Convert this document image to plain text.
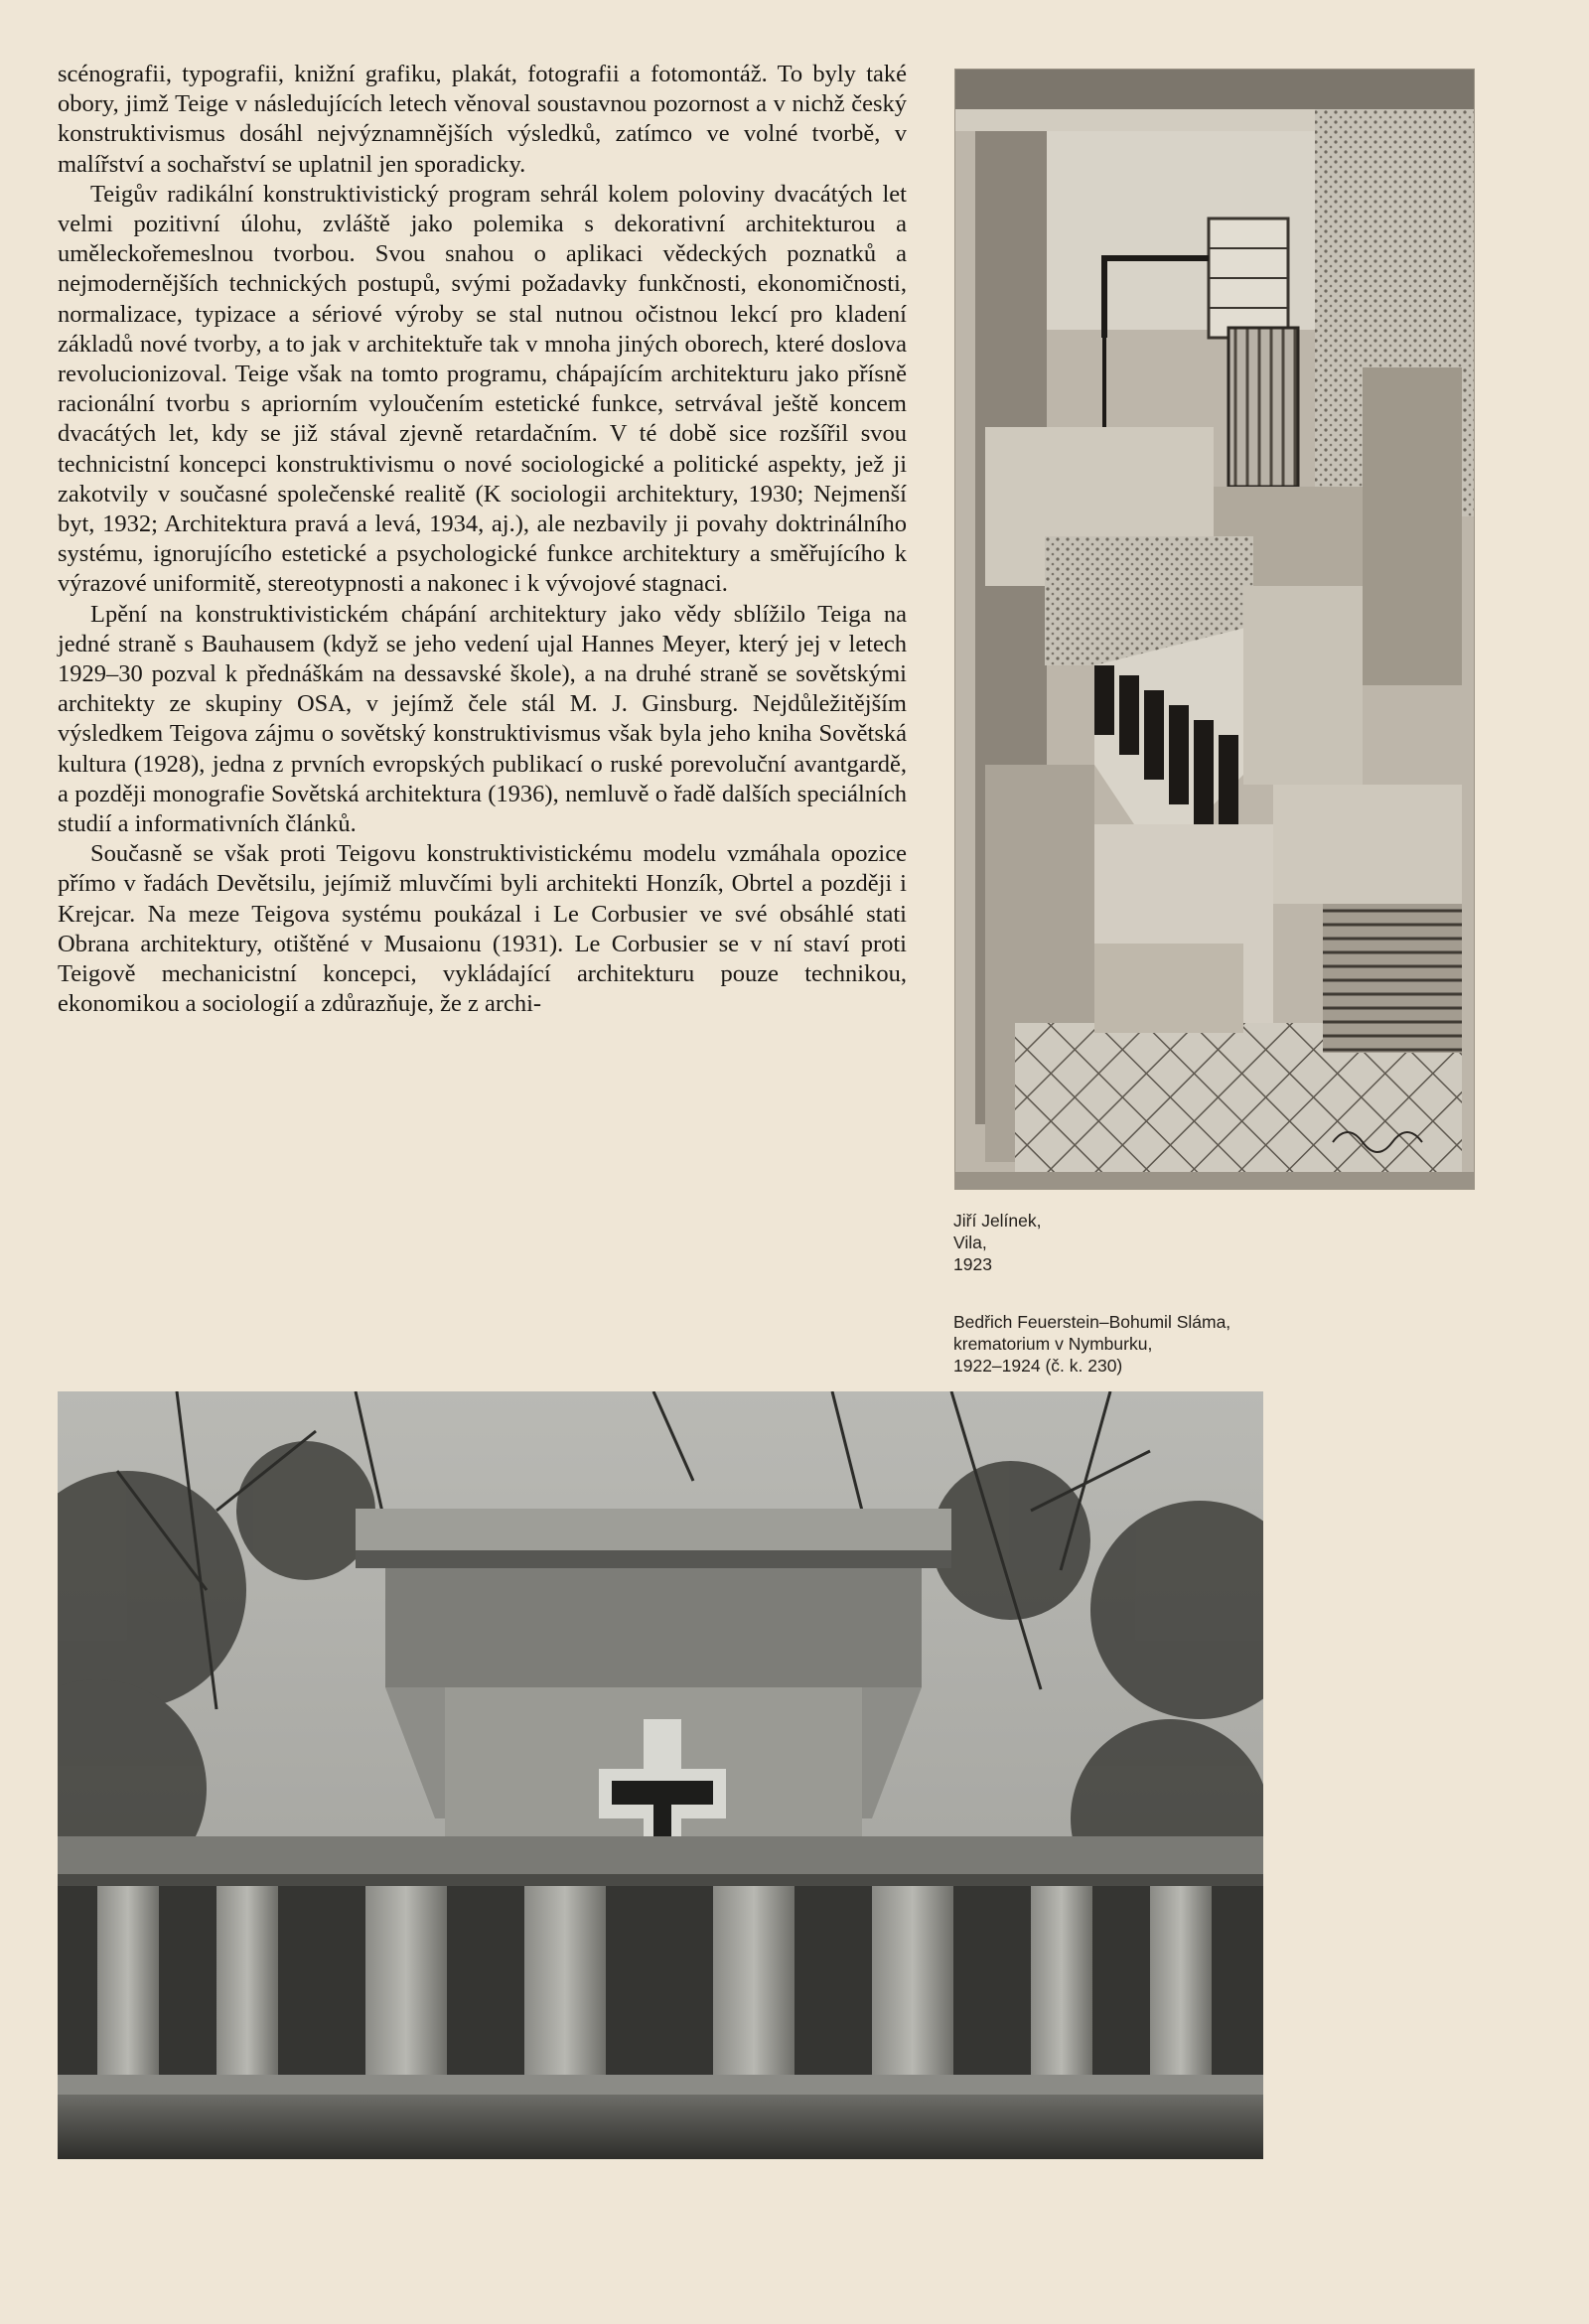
scénografii, typografii, knižní grafiku, plakát, fotografii a fotomontáž. To byly také obory, jimž Teige v následujících letech věnoval soustavnou pozornost a v nichž český konstruktivismus dosáhl nejvýznamnějších výsledků, zatímco ve volné tvorbě, v malířství a sochařství se uplatnil jen sporadicky.

Teigův radikální konstruktivistický program sehrál kolem poloviny dvacátých let velmi pozitivní úlohu, zvláště jako polemika s dekorativní architekturou a uměleckořemeslnou tvorbou. Svou snahou o aplikaci vědeckých poznatků a nejmodernějších technických postupů, svými požadavky funkčnosti, ekonomičnosti, normalizace, typizace a sériové výroby se stal nutnou očistnou lekcí pro kladení základů nové tvorby, a to jak v architektuře tak v mnoha jiných oborech, které doslova revolucionizoval. Teige však na tomto programu, chápajícím architekturu jako přísně racionální tvorbu s apriorním vyloučením estetické funkce, setrvával ještě koncem dvacátých let, kdy se již stával zjevně retardačním. V té době sice rozšířil svou technicistní koncepci konstruktivismu o nové sociologické a politické aspekty, jež ji zakotvily v současné společenské realitě (K sociologii architektury, 1930; Nejmenší byt, 1932; Architektura pravá a levá, 1934, aj.), ale nezbavily ji povahy doktrinálního systému, ignorujícího estetické a psychologické funkce architektury a směřujícího k výrazové uniformitě, stereotypnosti a nakonec i k vývojové stagnaci.

Lpění na konstruktivistickém chápání architektury jako vědy sblížilo Teiga na jedné straně s Bauhausem (když se jeho vedení ujal Hannes Meyer, který jej v letech 1929–30 pozval k přednáškám na dessavské škole), a na druhé straně se sovětskými architekty ze skupiny OSA, v jejímž čele stál M. J. Ginsburg. Nejdůležitějším výsledkem Teigova zájmu o sovětský konstruktivismus však byla jeho kniha Sovětská kultura (1928), jedna z prvních evropských publikací o ruské porevoluční avantgardě, a později monografie Sovětská architektura (1936), nemluvě o řadě dalších speciálních studií a informativních článků.

Současně se však proti Teigovu konstruktivistickému modelu vzmáhala opozice přímo v řadách Devětsilu, jejímiž mluvčími byli architekti Honzík, Obrtel a později i Krejcar. Na meze Teigova systému poukázal i Le Corbusier ve své obsáhlé stati Obrana architektury, otištěné v Musaionu (1931). Le Corbusier se v ní staví proti Teigově mechanicistní koncepci, vykládající architekturu pouze technikou, ekonomikou a sociologií a zdůrazňuje, že z archi-

Jiří Jelínek,
Vila,
1923
Bedřich Feuerstein–Bohumil Sláma,
krematorium v Nymburku,
1922–1924 (č. k. 230)
